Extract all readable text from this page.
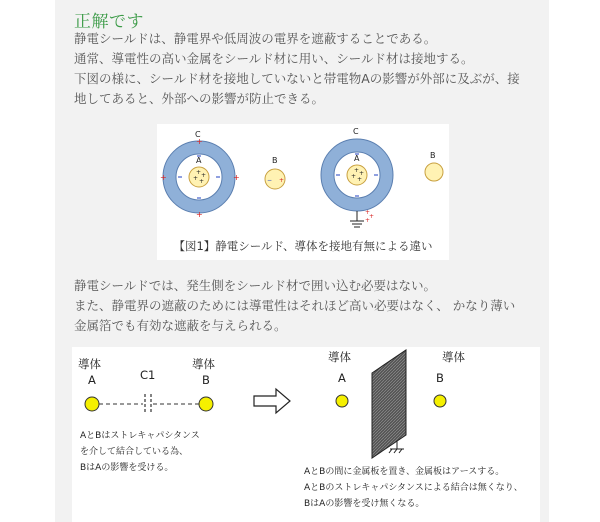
正解です
静電シールドは、静電界や低周波の電界を遮蔽することである。
通常、導電性の高い金属をシールド材に用い、シールド材は接地する。
下図の様に、シールド材を接地していないと帯電物Aの影響が外部に及ぶが、接
地してあると、外部への影響が防止できる。
+ +
+ +
+	+
+
+
− +
+ +
+ +
+
+
+
C
A	B
C
A	B
【図1】静電シールド、導体を接地有無による違い
静電シールドでは、発生側をシールド材で囲い込む必要はない。
また、静電界の遮蔽のためには導電性はそれほど高い必要はなく、 かなり薄い
金属箔でも有効な遮蔽を与えられる。
導体
A	C1
導体
B
AとBはストレキャパシタンス
を介して結合している為、
BはAの影響を受ける。
導体
A
導体
B
AとBの間に金属板を置き、金属板はアースする。
AとBのストレキャパシタンスによる結合は無くなり、
BはAの影響を受け無くなる。
